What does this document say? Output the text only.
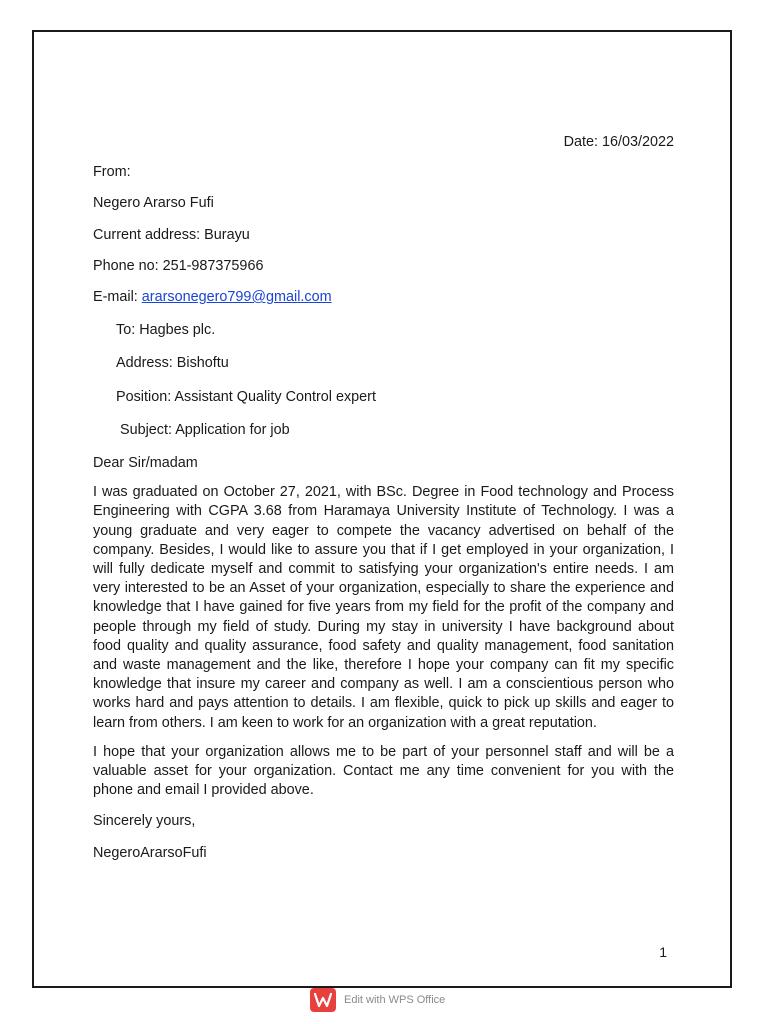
Date: 16/03/2022
From:
Negero Ararso Fufi
Current address: Burayu
Phone no: 251-987375966
E-mail: ararsonegero799@gmail.com
To: Hagbes plc.
Address: Bishoftu
Position: Assistant Quality Control expert
Subject: Application for job
Dear Sir/madam
I was graduated on October 27, 2021, with BSc. Degree in Food technology and Process Engineering with CGPA 3.68 from Haramaya University Institute of Technology. I was a young graduate and very eager to compete the vacancy advertised on behalf of the company. Besides, I would like to assure you that if I get employed in your organization, I will fully dedicate myself and commit to satisfying your organization's entire needs. I am very interested to be an Asset of your organization, especially to share the experience and knowledge that I have gained for five years from my field for the profit of the company and people through my field of study. During my stay in university I have background about food quality and quality assurance, food safety and quality management, food sanitation and waste management and the like, therefore I hope your company can fit my specific knowledge that insure my career and company as well. I am a conscientious person who works hard and pays attention to details. I am flexible, quick to pick up skills and eager to learn from others. I am keen to work for an organization with a great reputation.
I hope that your organization allows me to be part of your personnel staff and will be a valuable asset for your organization. Contact me any time convenient for you with the phone and email I provided above.
Sincerely yours,
NegeroArarsoFufi
1
Edit with WPS Office
